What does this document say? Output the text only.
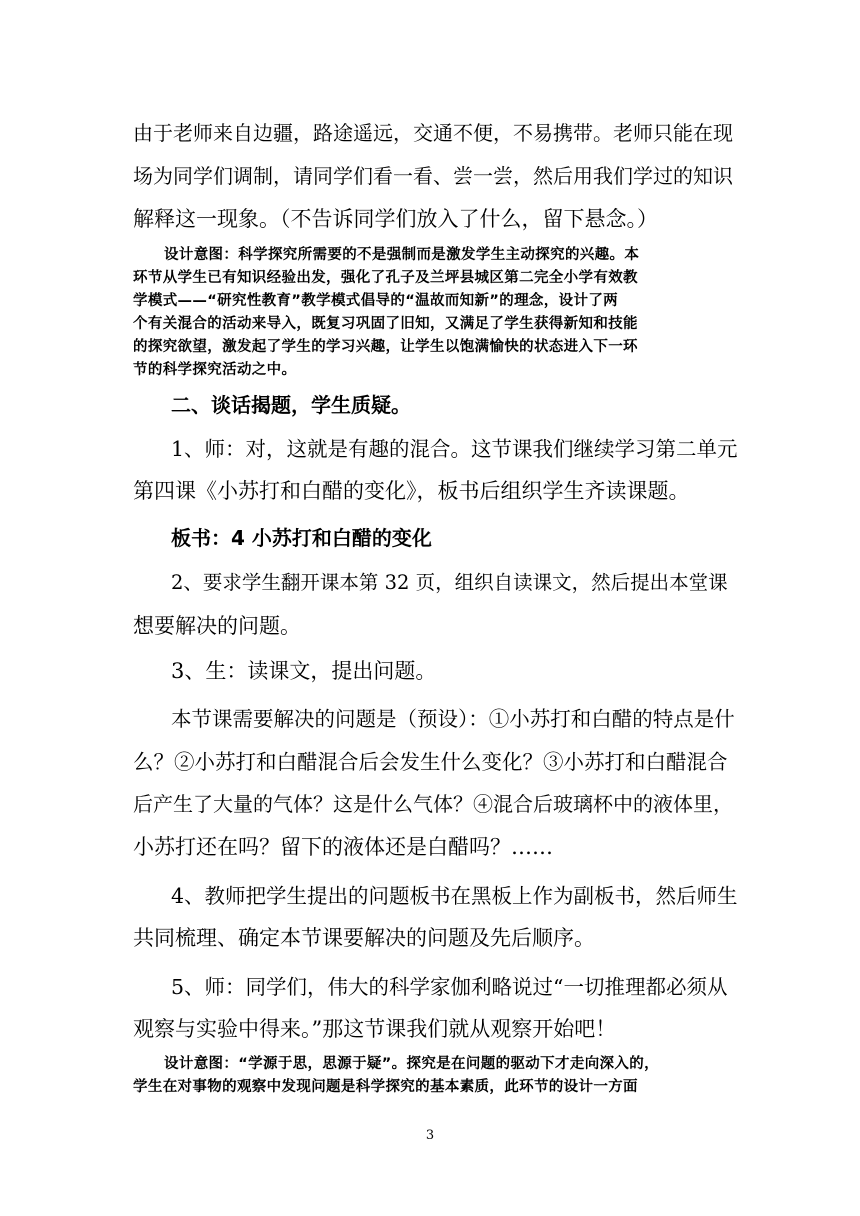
由于老师来自边疆，路途遥远，交通不便，不易携带。老师只能在现
场为同学们调制，请同学们看一看、尝一尝，然后用我们学过的知识
解释这一现象。（不告诉同学们放入了什么，留下悬念。）
设计意图：科学探究所需要的不是强制而是激发学生主动探究的兴趣。本
环节从学生已有知识经验出发，强化了孔子及兰坪县城区第二完全小学有效教
学模式——“研究性教育”教学模式倡导的“温故而知新”的理念，设计了两
个有关混合的活动来导入，既复习巩固了旧知，又满足了学生获得新知和技能
的探究欲望，激发起了学生的学习兴趣，让学生以饱满愉快的状态进入下一环
节的科学探究活动之中。
二、谈话揭题，学生质疑。
1、师：对，这就是有趣的混合。这节课我们继续学习第二单元
第四课《小苏打和白醋的变化》，板书后组织学生齐读课题。
板书：4 小苏打和白醋的变化
2、要求学生翻开课本第 32 页，组织自读课文，然后提出本堂课
想要解决的问题。
3、生：读课文，提出问题。
本节课需要解决的问题是（预设）：①小苏打和白醋的特点是什
么？②小苏打和白醋混合后会发生什么变化？③小苏打和白醋混合
后产生了大量的气体？这是什么气体？④混合后玻璃杯中的液体里，
小苏打还在吗？留下的液体还是白醋吗？……
4、教师把学生提出的问题板书在黑板上作为副板书，然后师生
共同梳理、确定本节课要解决的问题及先后顺序。
5、师：同学们，伟大的科学家伽利略说过“一切推理都必须从
观察与实验中得来。”那这节课我们就从观察开始吧！
设计意图：“学源于思，思源于疑”。探究是在问题的驱动下才走向深入的，
学生在对事物的观察中发现问题是科学探究的基本素质，此环节的设计一方面
3
